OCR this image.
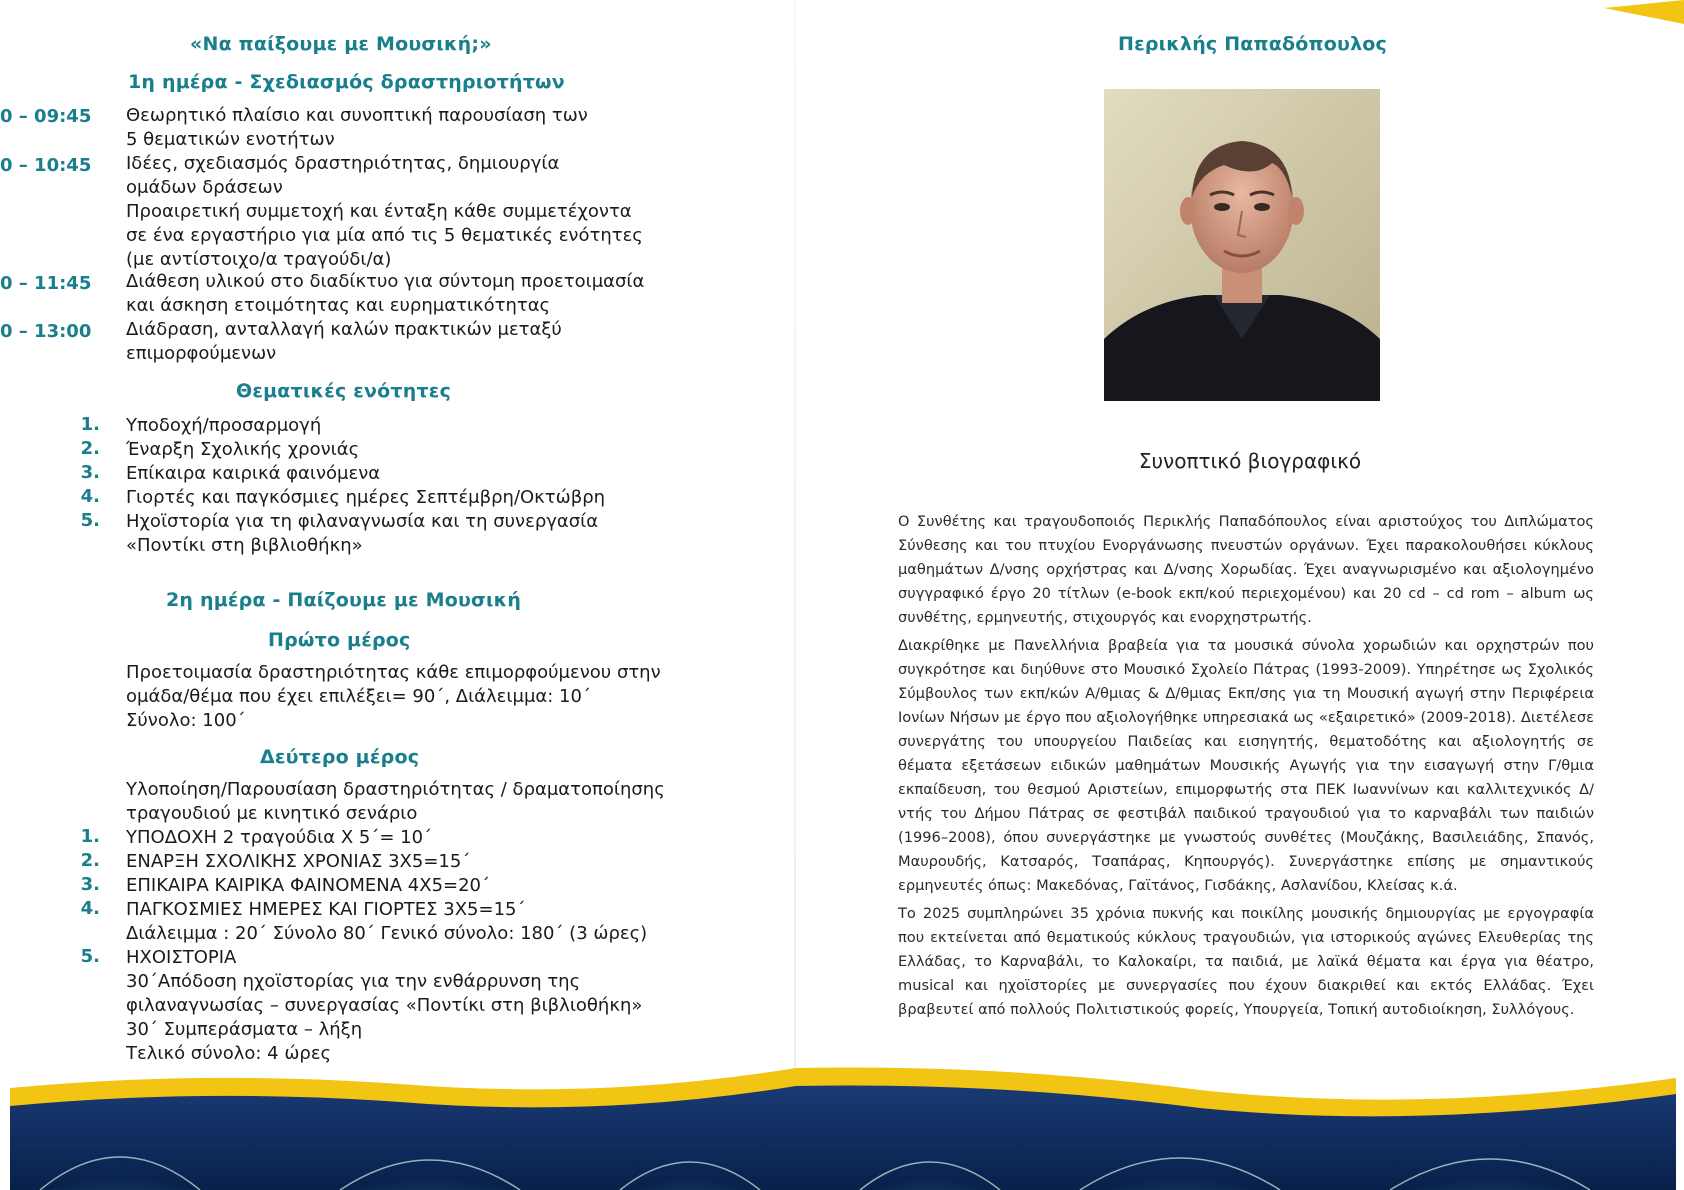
«Να παίξουμε με Μουσική;»
1η ημέρα - Σχεδιασμός δραστηριοτήτων
0 – 09:45	Θεωρητικό πλαίσιο και συνοπτική παρουσίαση των
5 θεματικών ενοτήτων
0 – 10:45	Ιδέες, σχεδιασμός δραστηριότητας, δημιουργία
ομάδων δράσεων
Προαιρετική συμμετοχή και ένταξη κάθε συμμετέχοντα
σε ένα εργαστήριο για μία από τις 5 θεματικές ενότητες
(με αντίστοιχο/α τραγούδι/α)
0 – 11:45	Διάθεση υλικού στο διαδίκτυο για σύντομη προετοιμασία
και άσκηση ετοιμότητας και ευρηματικότητας
0 – 13:00	Διάδραση, ανταλλαγή καλών πρακτικών μεταξύ
επιμορφούμενων
Θεματικές ενότητες
1. Υποδοχή/προσαρμογή
2. Έναρξη Σχολικής χρονιάς
3. Επίκαιρα καιρικά φαινόμενα
4. Γιορτές και παγκόσμιες ημέρες Σεπτέμβρη/Οκτώβρη
5. Ηχοϊστορία για τη φιλαναγνωσία και τη συνεργασία
«Ποντίκι στη βιβλιοθήκη»
2η ημέρα - Παίζουμε με Μουσική
Πρώτο μέρος
Προετοιμασία δραστηριότητας κάθε επιμορφούμενου στην
ομάδα/θέμα που έχει επιλέξει= 90΄, Διάλειμμα: 10΄
Σύνολο: 100΄
Δεύτερο μέρος
Υλοποίηση/Παρουσίαση δραστηριότητας / δραματοποίησης
τραγουδιού με κινητικό σενάριο
1. ΥΠΟΔΟΧΗ 2 τραγούδια Χ 5΄= 10΄
2. ΕΝΑΡΞΗ ΣΧΟΛΙΚΗΣ ΧΡΟΝΙΑΣ 3Χ5=15΄
3. ΕΠΙΚΑΙΡΑ ΚΑΙΡΙΚΑ ΦΑΙΝΟΜΕΝΑ 4Χ5=20΄
4. ΠΑΓΚΟΣΜΙΕΣ ΗΜΕΡΕΣ ΚΑΙ ΓΙΟΡΤΕΣ 3Χ5=15΄
Διάλειμμα : 20΄ Σύνολο 80΄ Γενικό σύνολο: 180΄ (3 ώρες)
5. ΗΧΟΙΣΤΟΡΙΑ
30΄Απόδοση ηχοϊστορίας για την ενθάρρυνση της
φιλαναγνωσίας – συνεργασίας «Ποντίκι στη βιβλιοθήκη»
30΄ Συμπεράσματα – λήξη
Τελικό σύνολο: 4 ώρες
Περικλής Παπαδόπουλος
Συνοπτικό βιογραφικό
Ο Συνθέτης και τραγουδοποιός Περικλής Παπαδόπουλος είναι αριστούχος του Διπλώματος Σύνθεσης και του πτυχίου Ενοργάνωσης πνευστών οργάνων. Έχει παρακολουθήσει κύκλους μαθημάτων Δ/νσης ορχήστρας και Δ/νσης Χορωδίας. Έχει αναγνωρισμένο και αξιολογημένο συγγραφικό έργο 20 τίτλων (e-book εκπ/κού περιεχομένου) και 20 cd – cd rom – album ως συνθέτης, ερμηνευτής, στιχουργός και ενορχηστρωτής.
Διακρίθηκε με Πανελλήνια βραβεία για τα μουσικά σύνολα χορωδιών και ορχηστρών που συγκρότησε και διηύθυνε στο Μουσικό Σχολείο Πάτρας (1993-2009). Υπηρέτησε ως Σχολικός Σύμβουλος των εκπ/κών Α/θμιας & Δ/θμιας Εκπ/σης για τη Μουσική αγωγή στην Περιφέρεια Ιονίων Νήσων με έργο που αξιολογήθηκε υπηρεσιακά ως «εξαιρετικό» (2009-2018). Διετέλεσε συνεργάτης του υπουργείου Παιδείας και εισηγητής, θεματοδότης και αξιολογητής σε θέματα εξετάσεων ειδικών μαθημάτων Μουσικής Αγωγής για την εισαγωγή στην Γ/θμια εκπαίδευση, του θεσμού Αριστείων, επιμορφωτής στα ΠΕΚ Ιωαννίνων και καλλιτεχνικός Δ/ντής του Δήμου Πάτρας σε φεστιβάλ παιδικού τραγουδιού για το καρναβάλι των παιδιών (1996–2008), όπου συνεργάστηκε με γνωστούς συνθέτες (Μουζάκης, Βασιλειάδης, Σπανός, Μαυρουδής, Κατσαρός, Τσαπάρας, Κηπουργός). Συνεργάστηκε επίσης με σημαντικούς ερμηνευτές όπως: Μακεδόνας, Γαϊτάνος, Γισδάκης, Ασλανίδου, Κλείσας κ.ά.
Το 2025 συμπληρώνει 35 χρόνια πυκνής και ποικίλης μουσικής δημιουργίας με εργογραφία που εκτείνεται από θεματικούς κύκλους τραγουδιών, για ιστορικούς αγώνες Ελευθερίας της Ελλάδας, το Καρναβάλι, το Καλοκαίρι, τα παιδιά, με λαϊκά θέματα και έργα για θέατρο, musical και ηχοϊστορίες με συνεργασίες που έχουν διακριθεί και εκτός Ελλάδας. Έχει βραβευτεί από πολλούς Πολιτιστικούς φορείς, Υπουργεία, Τοπική αυτοδιοίκηση, Συλλόγους.
